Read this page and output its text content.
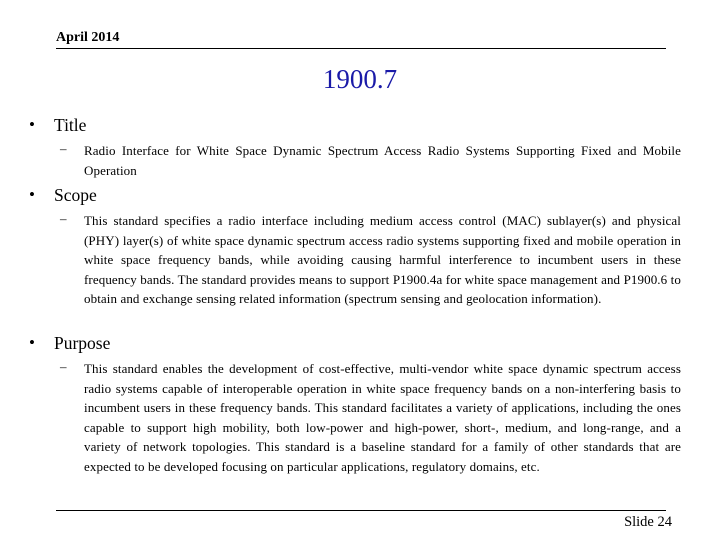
April 2014
1900.7
• Title
– Radio Interface for White Space Dynamic Spectrum Access Radio Systems Supporting Fixed and Mobile Operation
• Scope
– This standard specifies a radio interface including medium access control (MAC) sublayer(s) and physical (PHY) layer(s) of white space dynamic spectrum access radio systems supporting fixed and mobile operation in white space frequency bands, while avoiding causing harmful interference to incumbent users in these frequency bands. The standard provides means to support P1900.4a for white space management and P1900.6 to obtain and exchange sensing related information (spectrum sensing and geolocation information).
• Purpose
– This standard enables the development of cost-effective, multi-vendor white space dynamic spectrum access radio systems capable of interoperable operation in white space frequency bands on a non-interfering basis to incumbent users in these frequency bands. This standard facilitates a variety of applications, including the ones capable to support high mobility, both low-power and high-power, short-, medium, and long-range, and a variety of network topologies. This standard is a baseline standard for a family of other standards that are expected to be developed focusing on particular applications, regulatory domains, etc.
Slide 24
